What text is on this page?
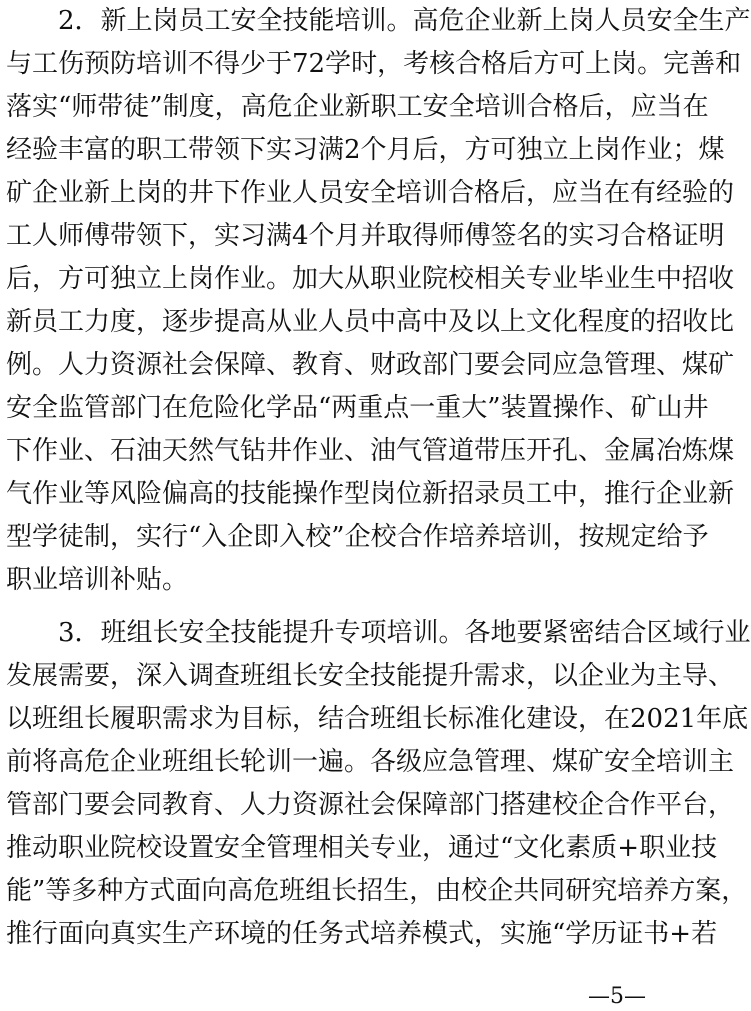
2．新上岗员工安全技能培训。高危企业新上岗人员安全生产
与工伤预防培训不得少于72学时，考核合格后方可上岗。完善和
落实“师带徒”制度，高危企业新职工安全培训合格后，应当在
经验丰富的职工带领下实习满2个月后，方可独立上岗作业；煤
矿企业新上岗的井下作业人员安全培训合格后，应当在有经验的
工人师傅带领下，实习满4个月并取得师傅签名的实习合格证明
后，方可独立上岗作业。加大从职业院校相关专业毕业生中招收
新员工力度，逐步提高从业人员中高中及以上文化程度的招收比
例。人力资源社会保障、教育、财政部门要会同应急管理、煤矿
安全监管部门在危险化学品“两重点一重大”装置操作、矿山井
下作业、石油天然气钻井作业、油气管道带压开孔、金属冶炼煤
气作业等风险偏高的技能操作型岗位新招录员工中，推行企业新
型学徒制，实行“入企即入校”企校合作培养培训，按规定给予
职业培训补贴。
3．班组长安全技能提升专项培训。各地要紧密结合区域行业
发展需要，深入调查班组长安全技能提升需求，以企业为主导、
以班组长履职需求为目标，结合班组长标准化建设，在2021年底
前将高危企业班组长轮训一遍。各级应急管理、煤矿安全培训主
管部门要会同教育、人力资源社会保障部门搭建校企合作平台，
推动职业院校设置安全管理相关专业，通过“文化素质+职业技
能”等多种方式面向高危班组长招生，由校企共同研究培养方案，
推行面向真实生产环境的任务式培养模式，实施“学历证书+若
—5—
